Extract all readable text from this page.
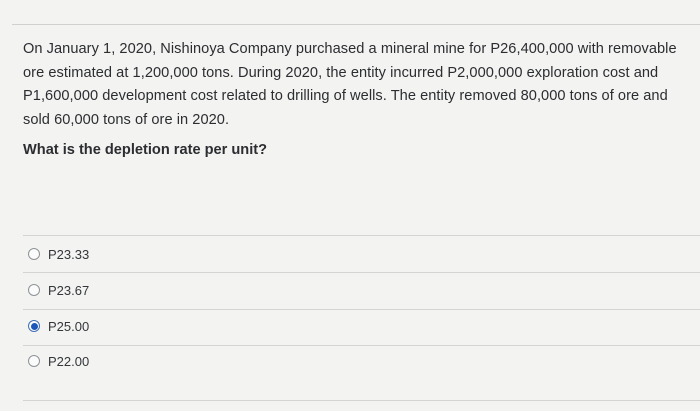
On January 1, 2020, Nishinoya Company purchased a mineral mine for P26,400,000 with removable ore estimated at 1,200,000 tons. During 2020, the entity incurred P2,000,000 exploration cost and P1,600,000 development cost related to drilling of wells. The entity removed 80,000 tons of ore and sold 60,000 tons of ore in 2020.
What is the depletion rate per unit?
P23.33
P23.67
P25.00
P22.00
